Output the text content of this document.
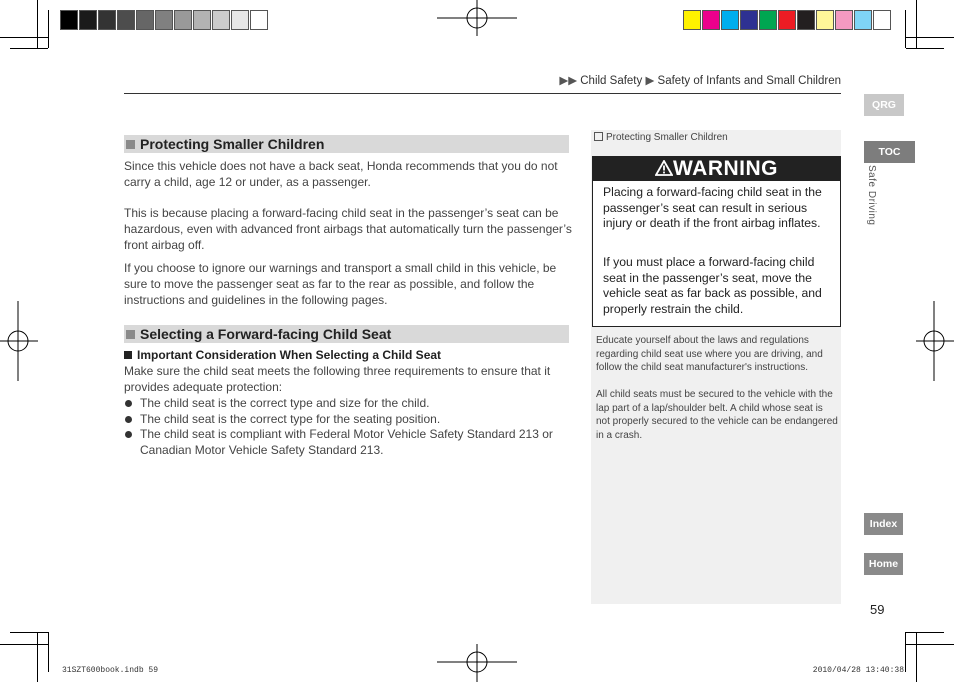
▶▶ Child Safety ▶ Safety of Infants and Small Children
Protecting Smaller Children
Since this vehicle does not have a back seat, Honda recommends that you do not carry a child, age 12 or under, as a passenger.
This is because placing a forward-facing child seat in the passenger’s seat can be hazardous, even with advanced front airbags that automatically turn the passenger’s front airbag off.
If you choose to ignore our warnings and transport a small child in this vehicle, be sure to move the passenger seat as far to the rear as possible, and follow the instructions and guidelines in the following pages.
Selecting a Forward-facing Child Seat
Important Consideration When Selecting a Child Seat
Make sure the child seat meets the following three requirements to ensure that it provides adequate protection:
The child seat is the correct type and size for the child.
The child seat is the correct type for the seating position.
The child seat is compliant with Federal Motor Vehicle Safety Standard 213 or Canadian Motor Vehicle Safety Standard 213.
Protecting Smaller Children
WARNING
Placing a forward-facing child seat in the passenger’s seat can result in serious injury or death if the front airbag inflates.
If you must place a forward-facing child seat in the passenger’s seat, move the vehicle seat as far back as possible, and properly restrain the child.
Educate yourself about the laws and regulations regarding child seat use where you are driving, and follow the child seat manufacturer's instructions.
All child seats must be secured to the vehicle with the lap part of a lap/shoulder belt. A child whose seat is not properly secured to the vehicle can be endangered in a crash.
QRG
TOC
Safe Driving
Index
Home
59
31SZT600book.indb 59	2010/04/28 13:40:38
